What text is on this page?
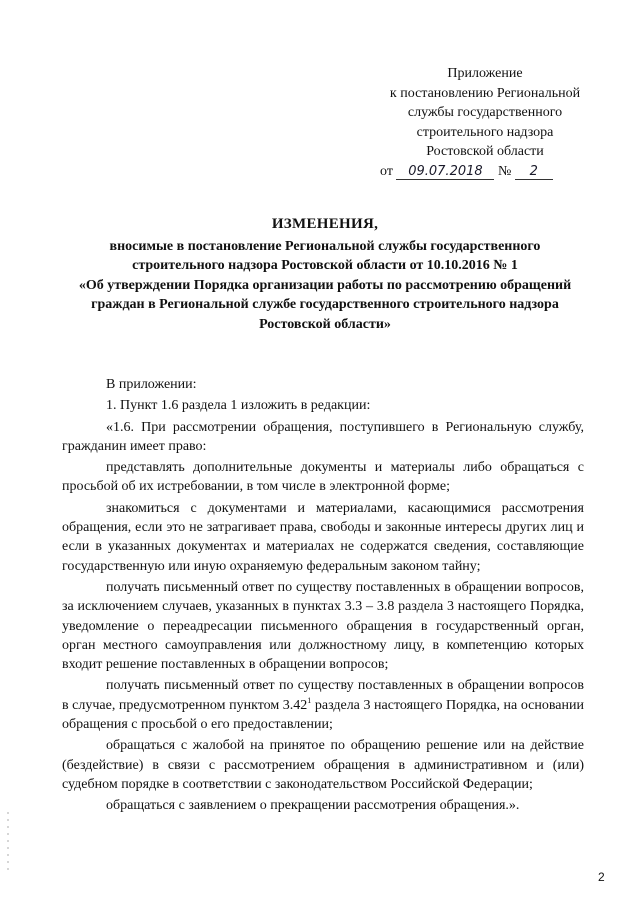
Приложение
к постановлению Региональной
службы государственного
строительного надзора
Ростовской области
от 09.07.2018 № 2
ИЗМЕНЕНИЯ,
вносимые в постановление Региональной службы государственного
строительного надзора Ростовской области от 10.10.2016 № 1
«Об утверждении Порядка организации работы по рассмотрению обращений
граждан в Региональной службе государственного строительного надзора
Ростовской области»

В приложении:

1. Пункт 1.6 раздела 1 изложить в редакции:

«1.6. При рассмотрении обращения, поступившего в Региональную службу, гражданин имеет право:

представлять дополнительные документы и материалы либо обращаться с просьбой об их истребовании, в том числе в электронной форме;

знакомиться с документами и материалами, касающимися рассмотрения обращения, если это не затрагивает права, свободы и законные интересы других лиц и если в указанных документах и материалах не содержатся сведения, составляющие государственную или иную охраняемую федеральным законом тайну;

получать письменный ответ по существу поставленных в обращении вопросов, за исключением случаев, указанных в пунктах 3.3 – 3.8 раздела 3 настоящего Порядка, уведомление о переадресации письменного обращения в государственный орган, орган местного самоуправления или должностному лицу, в компетенцию которых входит решение поставленных в обращении вопросов;

получать письменный ответ по существу поставленных в обращении вопросов в случае, предусмотренном пунктом 3.42$^1$ раздела 3 настоящего Порядка, на основании обращения с просьбой о его предоставлении;

обращаться с жалобой на принятое по обращению решение или на действие (бездействие) в связи с рассмотрением обращения в административном и (или) судебном порядке в соответствии с законодательством Российской Федерации;

обращаться с заявлением о прекращении рассмотрения обращения.».

2
